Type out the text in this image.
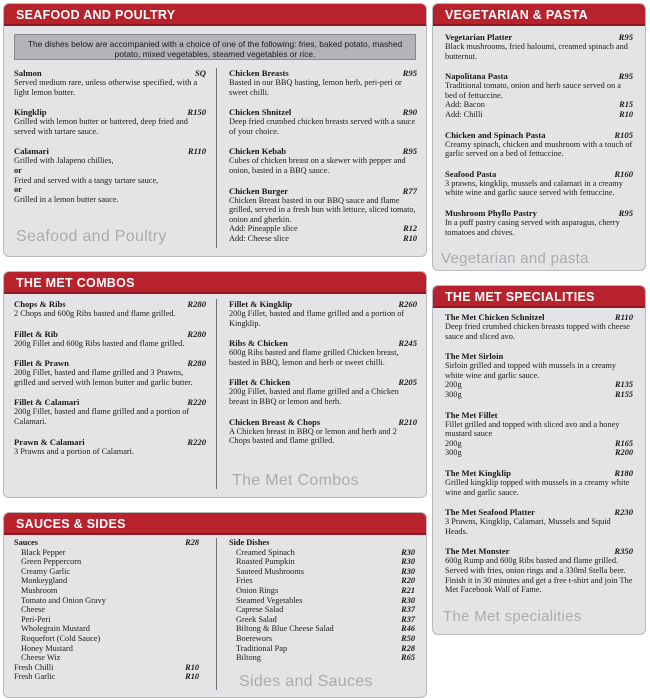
SEAFOOD AND POULTRY
The dishes below are accompanied with a choice of one of the following: fries, baked potato, mashed potato, mixed vegetables, steamed vegetables or rice.
Salmon	SQ
Served medium rare, unless otherwise specified, with a light lemon butter.
Kingklip	R150
Grilled with lemon butter or battered, deep fried and served with tartare sauce.
Calamari	R110
Grilled with Jalapeno chillies,
or
Fried and served with a tangy tartare sauce,
or
Grilled in a lemon butter sauce.
Chicken Breasts	R95
Basted in our BBQ basting, lemon herb, peri-peri or sweet chilli.
Chicken Shnitzel	R90
Deep fried crumbed chicken breasts served with a sauce of your choice.
Chicken Kebab	R95
Cubes of chicken breast on a skewer with pepper and onion, basted in a BBQ sauce.
Chicken Burger	R77
Chicken Breast basted in our BBQ sauce and flame grilled, served in a fresh bun with lettuce, sliced tomato, onion and gherkin.
Add: Pineapple slice	R12
Add: Cheese slice	R10
Seafood and Poultry
VEGETARIAN & PASTA
Vegetarian Platter	R95
Black mushrooms, fried haloumi, creamed spinach and butternut.
Napolitana Pasta	R95
Traditional tomato, onion and herb sauce served on a bed of fettuccine.
Add: Bacon	R15
Add: Chilli	R10
Chicken and Spinach Pasta	R105
Creamy spinach, chicken and mushroom with a touch of garlic served on a bed of fettuccine.
Seafood Pasta	R160
3 prawns, kingklip, mussels and calamari in a creamy white wine and garlic sauce served with fettuccine.
Mushroom Phyllo Pastry	R95
In a puff pastry casing served with asparagus, cherry tomatoes and chives.
Vegetarian and pasta
THE MET COMBOS
Chops & Ribs	R280
2 Chops and 600g Ribs basted and flame grilled.
Fillet & Rib	R280
200g Fillet and 600g Ribs basted and flame grilled.
Fillet & Prawn	R280
200g Fillet, basted and flame grilled and 3 Prawns, grilled and served with lemon butter and garlic butter.
Fillet & Calamari	R220
200g Fillet, basted and flame grilled and a portion of Calamari.
Prawn & Calamari	R220
3 Prawns and a portion of Calamari.
Fillet & Kingklip	R260
200g Fillet, basted and flame grilled and a portion of Kingklip.
Ribs & Chicken	R245
600g Ribs basted and flame grilled Chicken breast, basted in BBQ, lemon and herb or sweet chilli.
Fillet & Chicken	R205
200g Fillet, basted and flame grilled and a Chicken breast in BBQ or lemon and herb.
Chicken Breast & Chops	R210
A Chicken breast in BBQ or lemon and herb and 2 Chops basted and flame grilled.
The Met Combos
THE MET SPECIALITIES
The Met Chicken Schnitzel	R110
Deep fried crumbed chicken breasts topped with cheese sauce and sliced avo.
The Met Sirloin
Sirloin grilled and topped with mussels in a creamy white wine and garlic sauce.
200g	R135
300g	R155
The Met Fillet
Fillet grilled and topped with sliced avo and a honey mustard sauce
200g	R165
300g	R200
The Met Kingklip	R180
Grilled kingklip topped with mussels in a creamy white wine and garlic sauce.
The Met Seafood Platter	R230
3 Prawns, Kingklip, Calamari, Mussels and Squid Heads.
The Met Monster	R350
600g Rump and 600g Ribs basted and flame grilled. Served with fries, onion rings and a 330ml Stella beer. Finish it in 30 minutes and get a free t-shirt and join The Met Facebook Wall of Fame.
The Met specialities
SAUCES & SIDES
Sauces	R28
Black Pepper
Green Peppercorn
Creamy Garlic
Monkeygland
Mushroom
Tomato and Onion Gravy
Cheese
Peri-Peri
Wholegrain Mustard
Roquefort (Cold Sauce)
Honey Mustard
Cheese Wiz
Fresh Chilli	R10
Fresh Garlic	R10
Side Dishes
Creamed Spinach	R30
Roasted Pumpkin	R30
Sauteed Mushrooms	R30
Fries	R20
Onion Rings	R21
Steamed Vegetables	R30
Caprese Salad	R37
Greek Salad	R37
Biltong & Blue Cheese Salad	R46
Boerewors	R50
Traditional Pap	R28
Biltong	R65
Sides and Sauces
